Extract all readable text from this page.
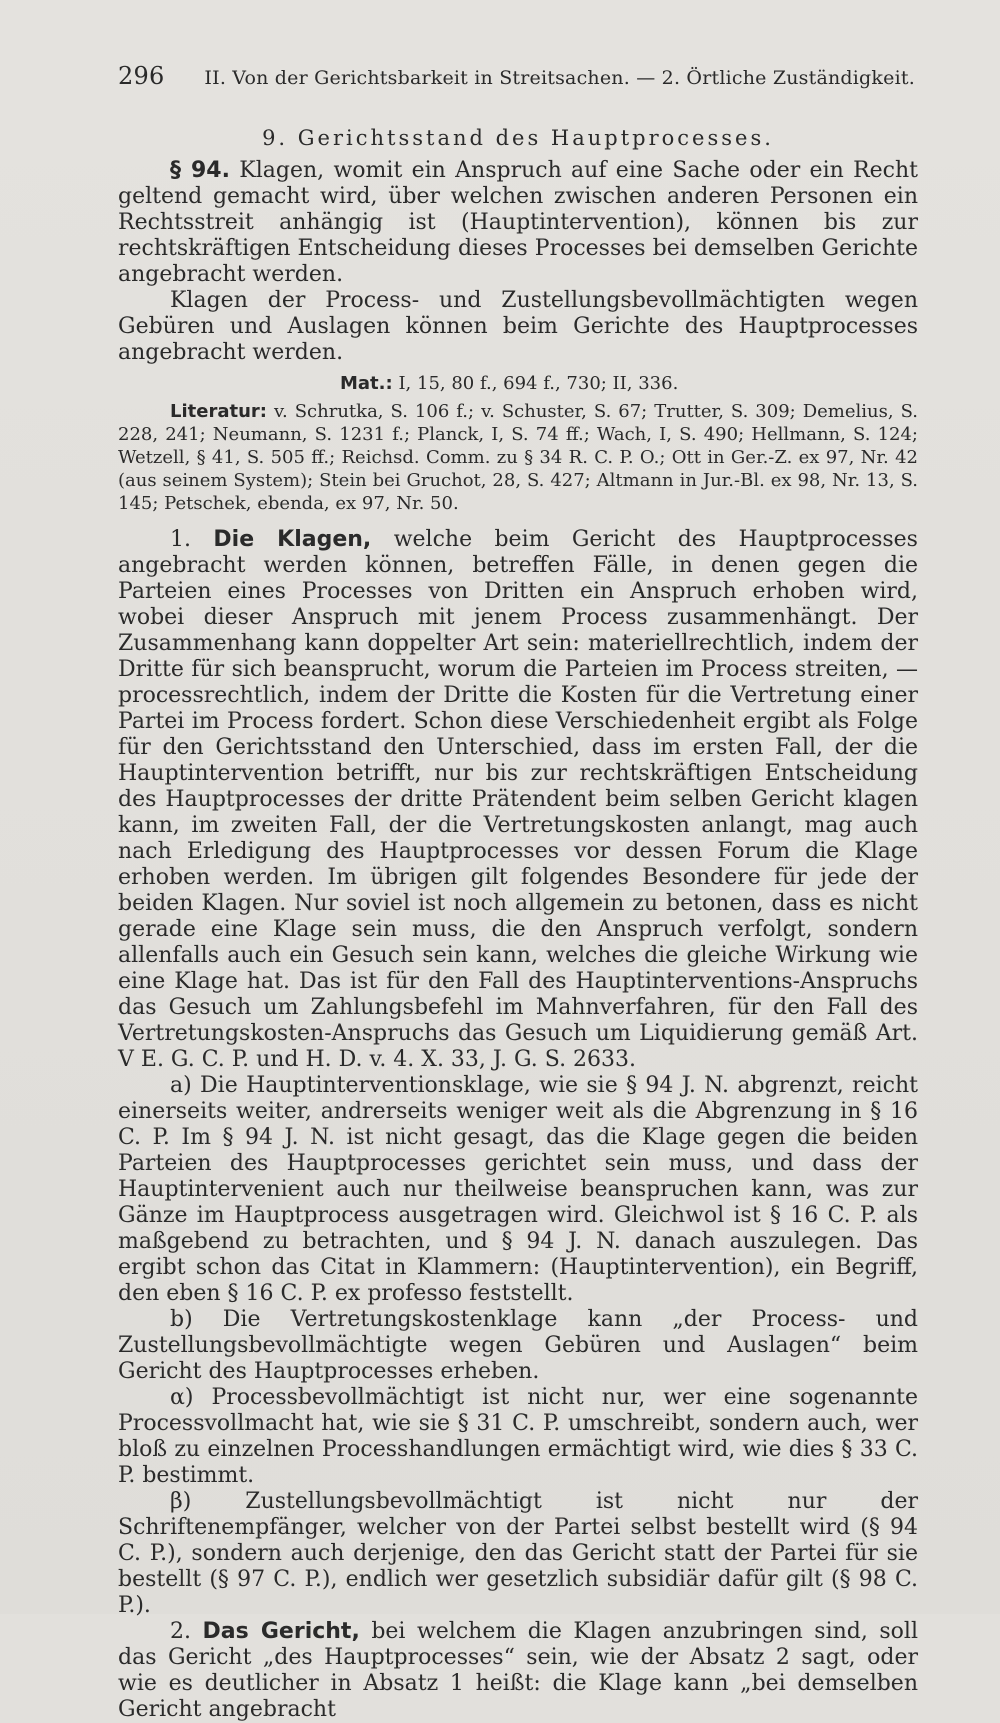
296 II. Von der Gerichtsbarkeit in Streitsachen. — 2. Örtliche Zuständigkeit.
9. Gerichtsstand des Hauptprocesses.

§ 94. Klagen, womit ein Anspruch auf eine Sache oder ein Recht geltend gemacht wird, über welchen zwischen anderen Personen ein Rechtsstreit anhängig ist (Hauptintervention), können bis zur rechtskräftigen Entscheidung dieses Processes bei demselben Gerichte angebracht werden.

Klagen der Process- und Zustellungsbevollmächtigten wegen Gebüren und Auslagen können beim Gerichte des Hauptprocesses angebracht werden.

Mat.: I, 15, 80 f., 694 f., 730; II, 336.

Literatur: v. Schrutka, S. 106 f.; v. Schuster, S. 67; Trutter, S. 309; Demelius, S. 228, 241; Neumann, S. 1231 f.; Planck, I, S. 74 ff.; Wach, I, S. 490; Hellmann, S. 124; Wetzell, § 41, S. 505 ff.; Reichsd. Comm. zu § 34 R. C. P. O.; Ott in Ger.-Z. ex 97, Nr. 42 (aus seinem System); Stein bei Gruchot, 28, S. 427; Altmann in Jur.-Bl. ex 98, Nr. 13, S. 145; Petschek, ebenda, ex 97, Nr. 50.

1. Die Klagen, welche beim Gericht des Hauptprocesses angebracht werden können, betreffen Fälle, in denen gegen die Parteien eines Processes von Dritten ein Anspruch erhoben wird, wobei dieser Anspruch mit jenem Process zusammenhängt. Der Zusammenhang kann doppelter Art sein: materiellrechtlich, indem der Dritte für sich beansprucht, worum die Parteien im Process streiten, — processrechtlich, indem der Dritte die Kosten für die Vertretung einer Partei im Process fordert. Schon diese Verschiedenheit ergibt als Folge für den Gerichtsstand den Unterschied, dass im ersten Fall, der die Hauptintervention betrifft, nur bis zur rechtskräftigen Entscheidung des Hauptprocesses der dritte Prätendent beim selben Gericht klagen kann, im zweiten Fall, der die Vertretungskosten anlangt, mag auch nach Erledigung des Hauptprocesses vor dessen Forum die Klage erhoben werden. Im übrigen gilt folgendes Besondere für jede der beiden Klagen. Nur soviel ist noch allgemein zu betonen, dass es nicht gerade eine Klage sein muss, die den Anspruch verfolgt, sondern allenfalls auch ein Gesuch sein kann, welches die gleiche Wirkung wie eine Klage hat. Das ist für den Fall des Hauptinterventions-Anspruchs das Gesuch um Zahlungsbefehl im Mahnverfahren, für den Fall des Vertretungskosten-Anspruchs das Gesuch um Liquidierung gemäß Art. V E. G. C. P. und H. D. v. 4. X. 33, J. G. S. 2633.

a) Die Hauptinterventionsklage, wie sie § 94 J. N. abgrenzt, reicht einerseits weiter, andrerseits weniger weit als die Abgrenzung in § 16 C. P. Im § 94 J. N. ist nicht gesagt, das die Klage gegen die beiden Parteien des Hauptprocesses gerichtet sein muss, und dass der Hauptintervenient auch nur theilweise beanspruchen kann, was zur Gänze im Hauptprocess ausgetragen wird. Gleichwol ist § 16 C. P. als maßgebend zu betrachten, und § 94 J. N. danach auszulegen. Das ergibt schon das Citat in Klammern: (Hauptintervention), ein Begriff, den eben § 16 C. P. ex professo feststellt.

b) Die Vertretungskostenklage kann „der Process- und Zustellungsbevollmächtigte wegen Gebüren und Auslagen“ beim Gericht des Hauptprocesses erheben.

α) Processbevollmächtigt ist nicht nur, wer eine sogenannte Processvollmacht hat, wie sie § 31 C. P. umschreibt, sondern auch, wer bloß zu einzelnen Processhandlungen ermächtigt wird, wie dies § 33 C. P. bestimmt.

β) Zustellungsbevollmächtigt ist nicht nur der Schriftenempfänger, welcher von der Partei selbst bestellt wird (§ 94 C. P.), sondern auch derjenige, den das Gericht statt der Partei für sie bestellt (§ 97 C. P.), endlich wer gesetzlich subsidiär dafür gilt (§ 98 C. P.).

2. Das Gericht, bei welchem die Klagen anzubringen sind, soll das Gericht „des Hauptprocesses“ sein, wie der Absatz 2 sagt, oder wie es deutlicher in Absatz 1 heißt: die Klage kann „bei demselben Gericht angebracht
